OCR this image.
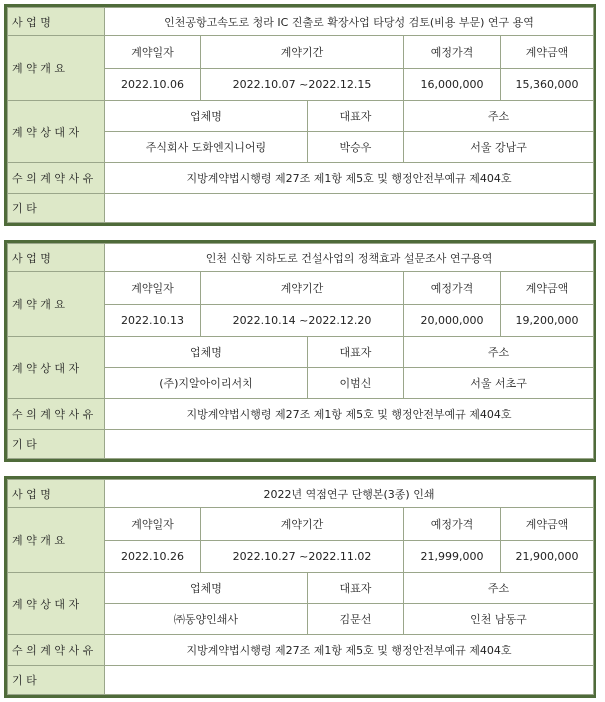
사 업 명	인천공항고속도로 청라 IC 진출로 확장사업 타당성 검토(비용 부문) 연구 용역				
계 약 개 요	계약일자	계약기간		예정가격	계약금액
	2022.10.06	2022.10.07 ~2022.12.15		16,000,000	15,360,000
계 약 상 대 자	업체명		대표자	주소	
	주식회사 도화엔지니어링		박승우	서울 강남구	
수 의 계 약 사 유	지방계약법시행령 제27조 제1항 제5호 및 행정안전부예규 제404호				
기 타					
사 업 명	인천 신항 지하도로 건설사업의 정책효과 설문조사 연구용역				
계 약 개 요	계약일자	계약기간		예정가격	계약금액
	2022.10.13	2022.10.14 ~2022.12.20		20,000,000	19,200,000
계 약 상 대 자	업체명		대표자	주소	
	(주)지알아이리서치		이범신	서울 서초구	
수 의 계 약 사 유	지방계약법시행령 제27조 제1항 제5호 및 행정안전부예규 제404호				
기 타					
사 업 명	2022년 역점연구 단행본(3종) 인쇄				
계 약 개 요	계약일자	계약기간		예정가격	계약금액
	2022.10.26	2022.10.27 ~2022.11.02		21,999,000	21,900,000
계 약 상 대 자	업체명		대표자	주소	
	㈜동양인쇄사		김문선	인천 남동구	
수 의 계 약 사 유	지방계약법시행령 제27조 제1항 제5호 및 행정안전부예규 제404호				
기 타					
